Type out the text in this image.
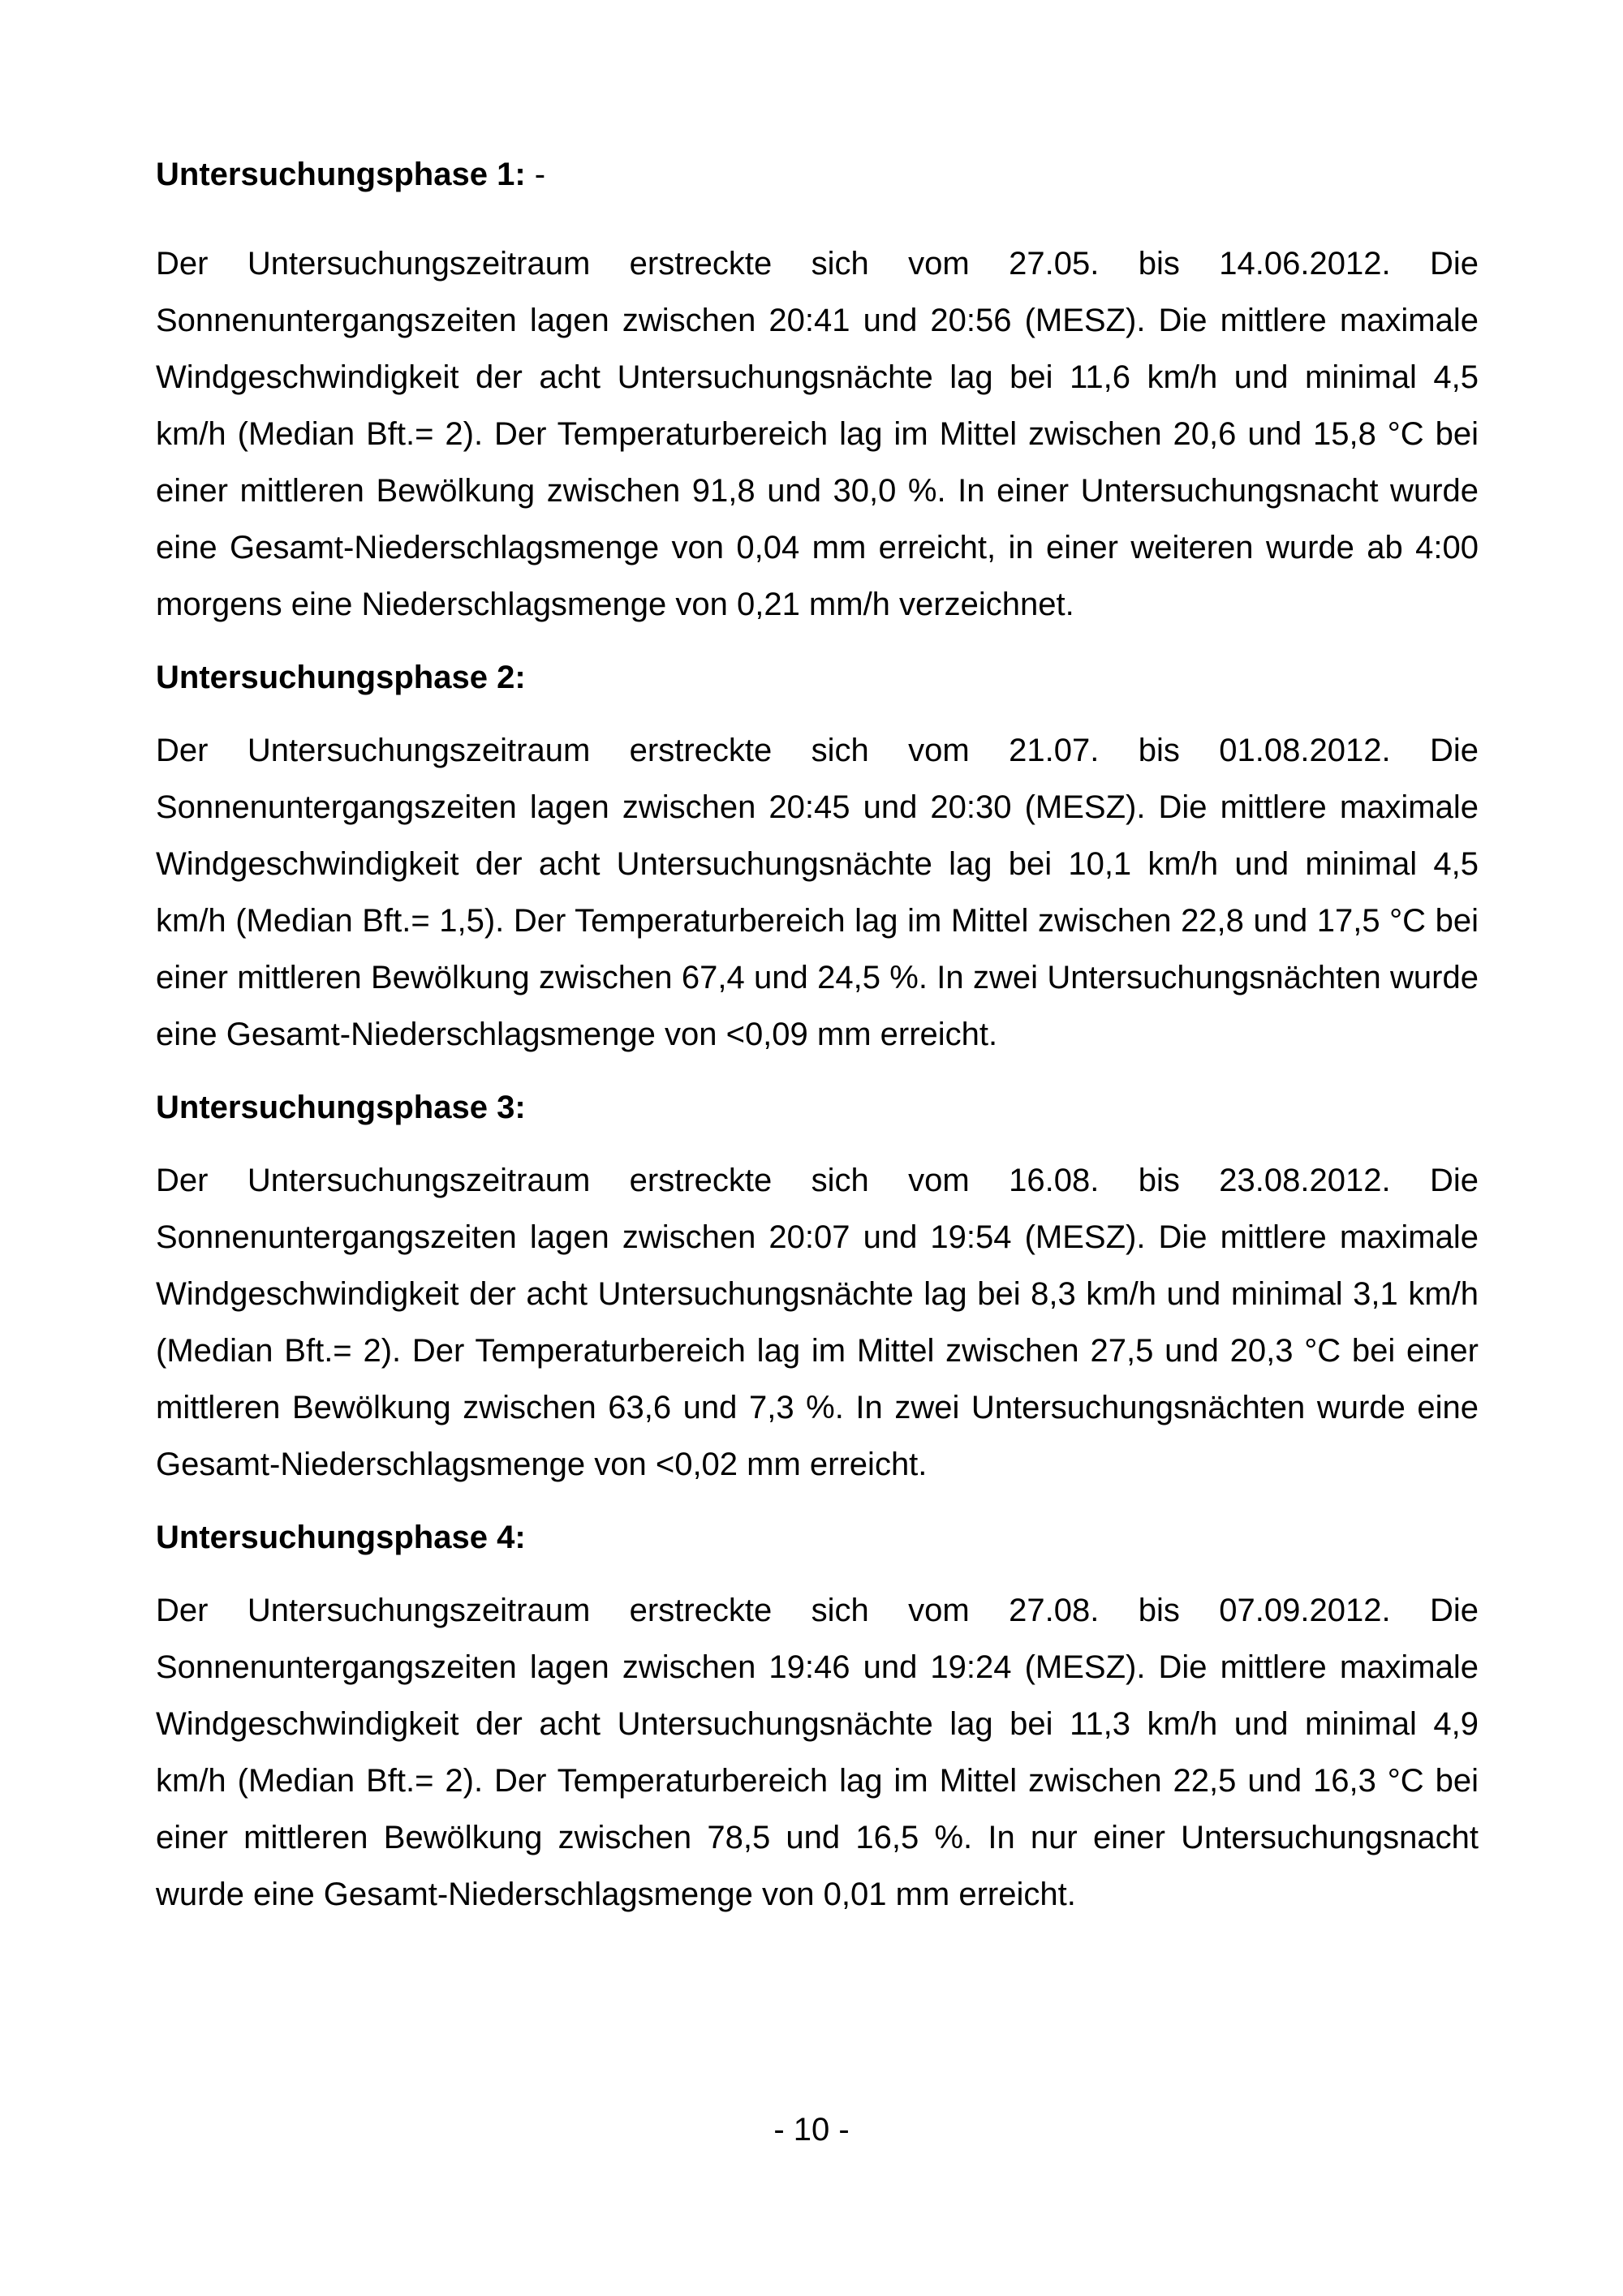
Untersuchungsphase 1: -

Der Untersuchungszeitraum erstreckte sich vom 27.05. bis 14.06.2012. Die Sonnenuntergangszeiten lagen zwischen 20:41 und 20:56 (MESZ). Die mittlere maximale Windgeschwindigkeit der acht Untersuchungsnächte lag bei 11,6 km/h und minimal 4,5 km/h (Median Bft.= 2). Der Temperaturbereich lag im Mittel zwischen 20,6 und 15,8 °C bei einer mittleren Bewölkung zwischen 91,8 und 30,0 %. In einer Untersuchungsnacht wurde eine Gesamt-Niederschlagsmenge von 0,04 mm erreicht, in einer weiteren wurde ab 4:00 morgens eine Niederschlagsmenge von 0,21 mm/h verzeichnet.

Untersuchungsphase 2:

Der Untersuchungszeitraum erstreckte sich vom 21.07. bis 01.08.2012. Die Sonnenuntergangszeiten lagen zwischen 20:45 und 20:30 (MESZ). Die mittlere maximale Windgeschwindigkeit der acht Untersuchungsnächte lag bei 10,1 km/h und minimal 4,5 km/h (Median Bft.= 1,5). Der Temperaturbereich lag im Mittel zwischen 22,8 und 17,5 °C bei einer mittleren Bewölkung zwischen 67,4 und 24,5 %. In zwei Untersuchungsnächten wurde eine Gesamt-Niederschlagsmenge von <0,09 mm erreicht.

Untersuchungsphase 3:

Der Untersuchungszeitraum erstreckte sich vom 16.08. bis 23.08.2012. Die Sonnenuntergangszeiten lagen zwischen 20:07 und 19:54 (MESZ). Die mittlere maximale Windgeschwindigkeit der acht Untersuchungsnächte lag bei 8,3 km/h und minimal 3,1 km/h (Median Bft.= 2). Der Temperaturbereich lag im Mittel zwischen 27,5 und 20,3 °C bei einer mittleren Bewölkung zwischen 63,6 und 7,3 %. In zwei Untersuchungsnächten wurde eine Gesamt-Niederschlagsmenge von <0,02 mm erreicht.

Untersuchungsphase 4:

Der Untersuchungszeitraum erstreckte sich vom 27.08. bis 07.09.2012. Die Sonnenuntergangszeiten lagen zwischen 19:46 und 19:24 (MESZ). Die mittlere maximale Windgeschwindigkeit der acht Untersuchungsnächte lag bei 11,3 km/h und minimal 4,9 km/h (Median Bft.= 2). Der Temperaturbereich lag im Mittel zwischen 22,5 und 16,3 °C bei einer mittleren Bewölkung zwischen 78,5 und 16,5 %. In nur einer Untersuchungsnacht wurde eine Gesamt-Niederschlagsmenge von 0,01 mm erreicht.

- 10 -
